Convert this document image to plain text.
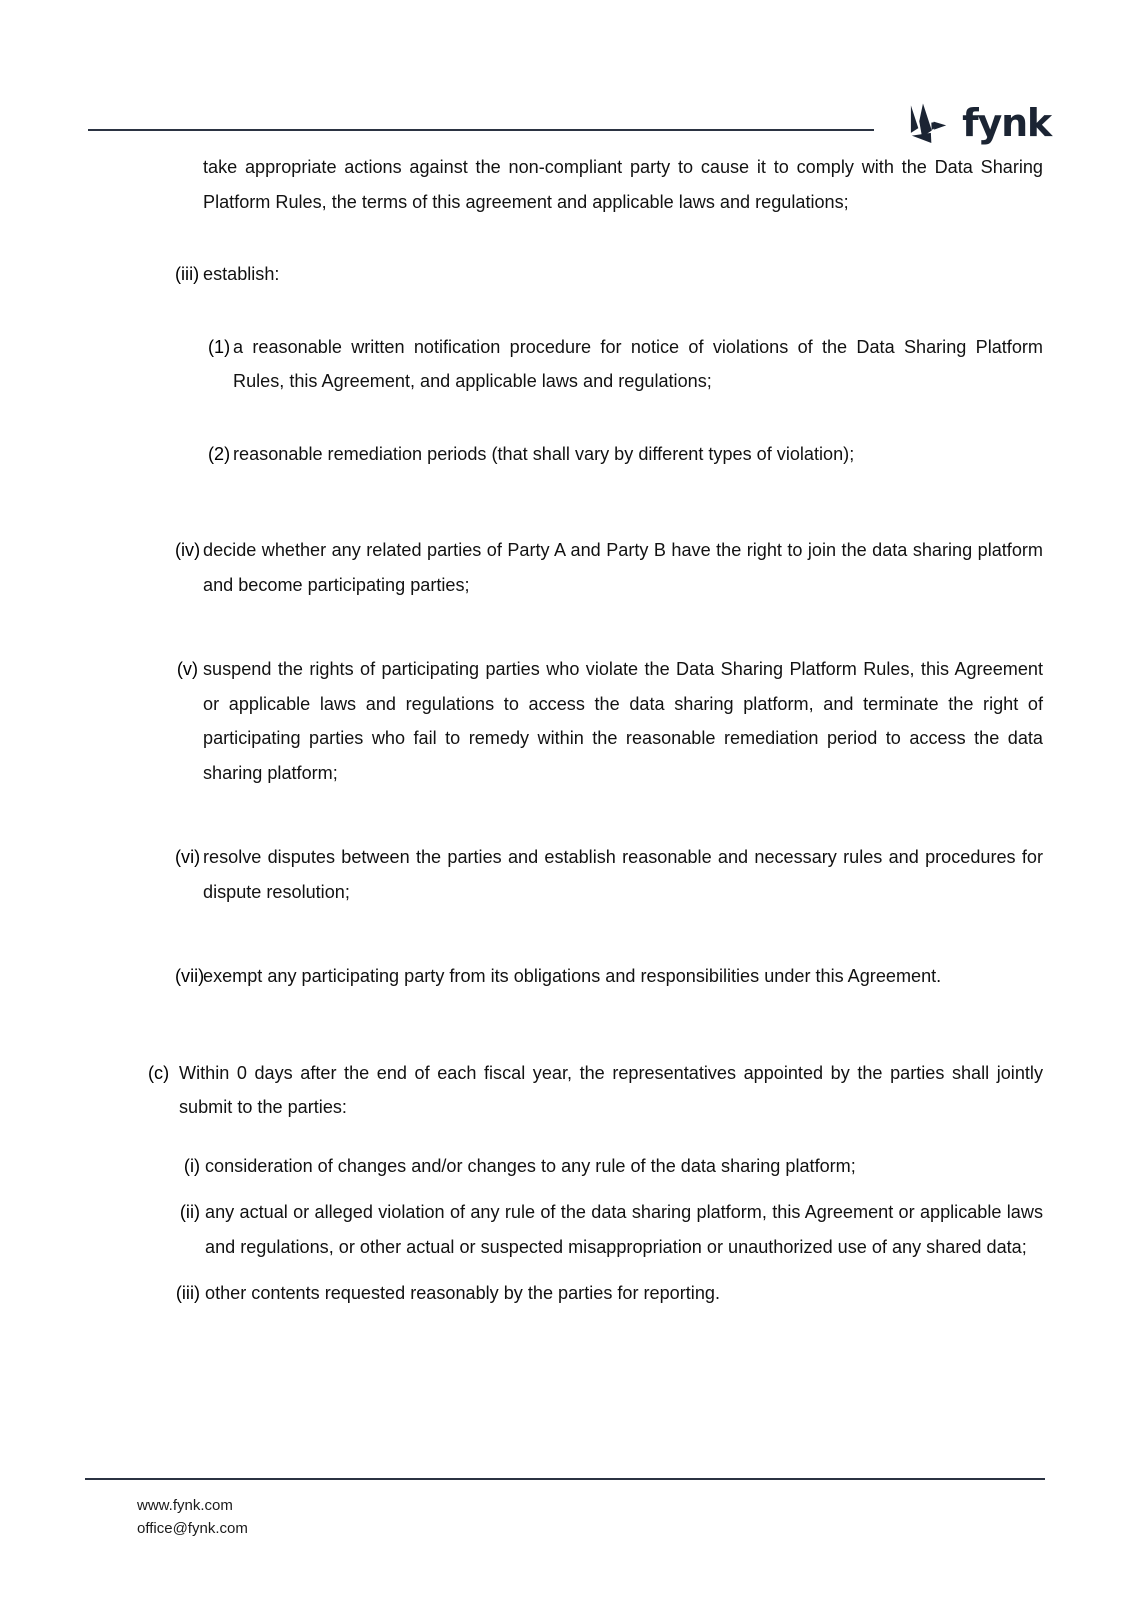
fynk

take appropriate actions against the non-compliant party to cause it to comply with the Data Sharing Platform Rules, the terms of this agreement and applicable laws and regulations;

(iii) establish:

(1) a reasonable written notification procedure for notice of violations of the Data Sharing Platform Rules, this Agreement, and applicable laws and regulations;

(2) reasonable remediation periods (that shall vary by different types of violation);

(iv) decide whether any related parties of Party A and Party B have the right to join the data sharing platform and become participating parties;

(v) suspend the rights of participating parties who violate the Data Sharing Platform Rules, this Agreement or applicable laws and regulations to access the data sharing platform, and terminate the right of participating parties who fail to remedy within the reasonable remediation period to access the data sharing platform;

(vi) resolve disputes between the parties and establish reasonable and necessary rules and procedures for dispute resolution;

(vii)

exempt any participating party from its obligations and responsibilities under this Agreement.

(c) Within 0 days after the end of each fiscal year, the representatives appointed by the parties shall jointly submit to the parties:

(i) consideration of changes and/or changes to any rule of the data sharing platform;

(ii) any actual or alleged violation of any rule of the data sharing platform, this Agreement or applicable laws and regulations, or other actual or suspected misappropriation or unauthorized use of any shared data;

(iii) other contents requested reasonably by the parties for reporting.

www.fynk.com
office@fynk.com
